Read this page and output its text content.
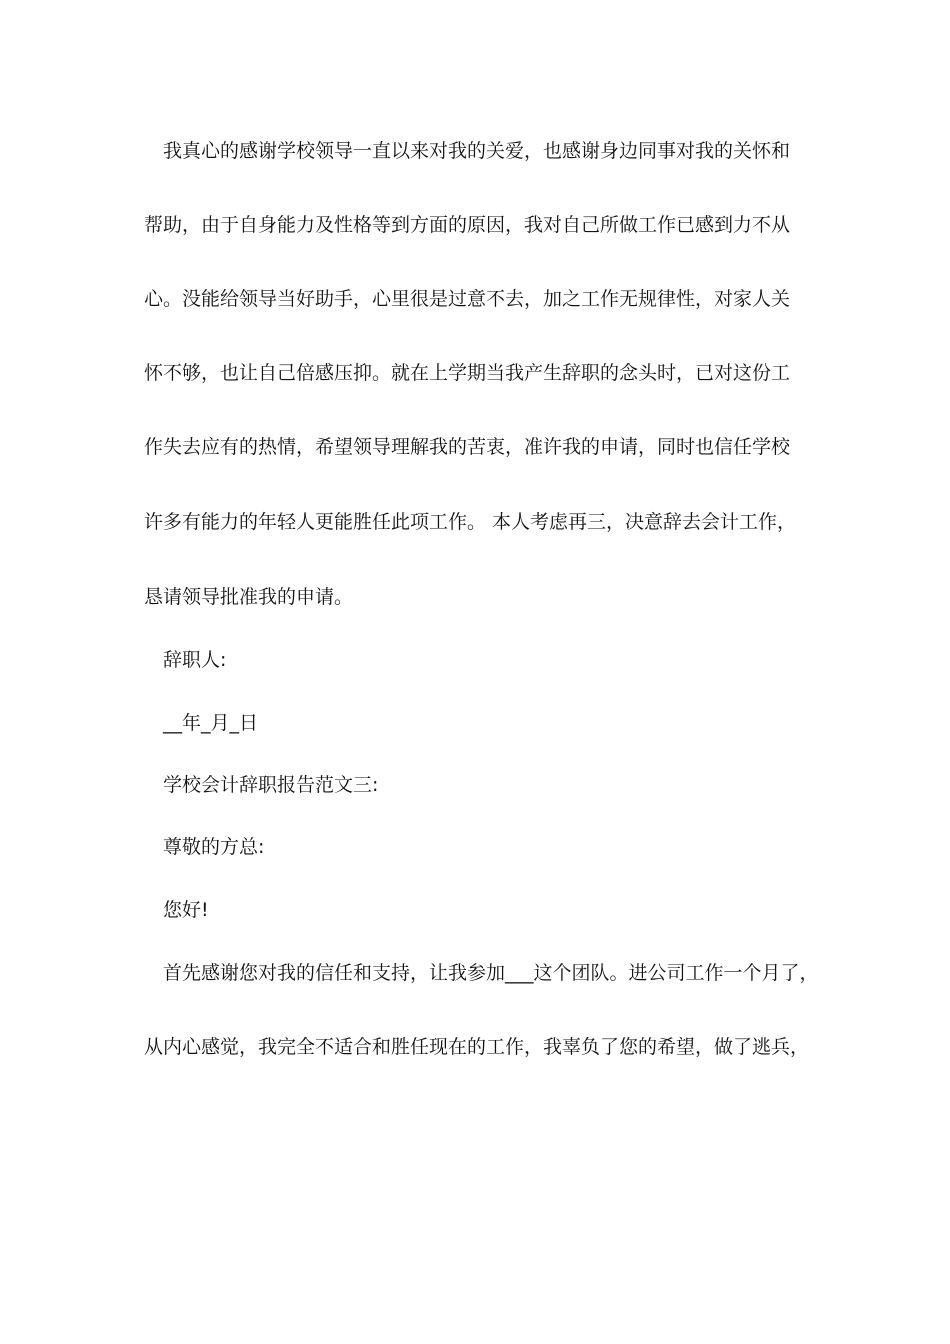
我真心的感谢学校领导一直以来对我的关爱，也感谢身边同事对我的关怀和
帮助，由于自身能力及性格等到方面的原因，我对自己所做工作已感到力不从
心。没能给领导当好助手，心里很是过意不去，加之工作无规律性，对家人关
怀不够，也让自己倍感压抑。就在上学期当我产生辞职的念头时，已对这份工
作失去应有的热情，希望领导理解我的苦衷，准许我的申请，同时也信任学校
许多有能力的年轻人更能胜任此项工作。 本人考虑再三，决意辞去会计工作，
恳请领导批准我的申请。
辞职人:
__年_月_日
学校会计辞职报告范文三:
尊敬的方总:
您好!
首先感谢您对我的信任和支持，让我参加___这个团队。进公司工作一个月了，
从内心感觉，我完全不适合和胜任现在的工作，我辜负了您的希望，做了逃兵，
